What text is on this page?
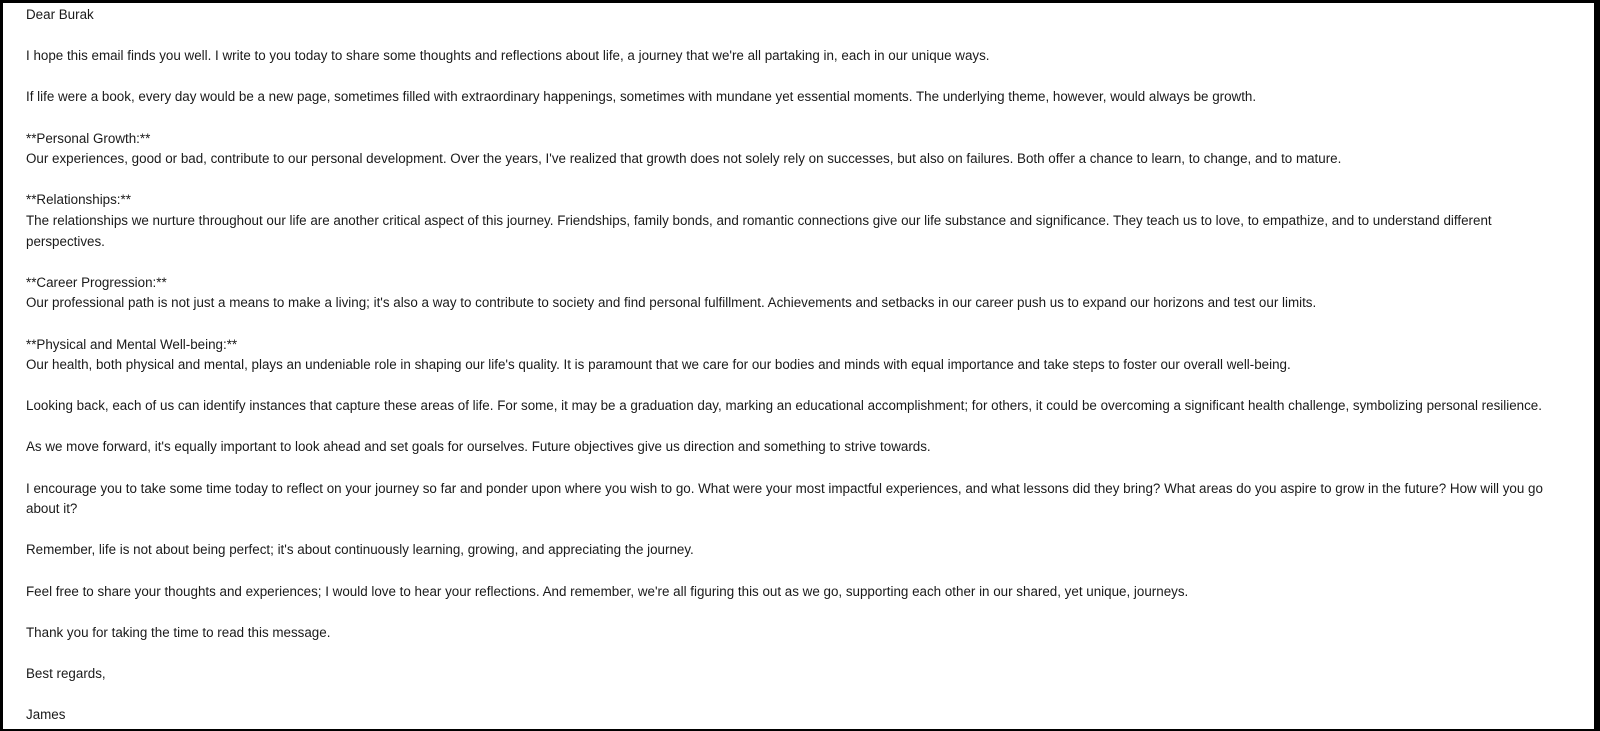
Dear Burak

I hope this email finds you well. I write to you today to share some thoughts and reflections about life, a journey that we're all partaking in, each in our unique ways.

If life were a book, every day would be a new page, sometimes filled with extraordinary happenings, sometimes with mundane yet essential moments. The underlying theme, however, would always be growth.

**Personal Growth:**

Our experiences, good or bad, contribute to our personal development. Over the years, I've realized that growth does not solely rely on successes, but also on failures. Both offer a chance to learn, to change, and to mature.

**Relationships:**

The relationships we nurture throughout our life are another critical aspect of this journey. Friendships, family bonds, and romantic connections give our life substance and significance. They teach us to love, to empathize, and to understand different perspectives.

**Career Progression:**

Our professional path is not just a means to make a living; it's also a way to contribute to society and find personal fulfillment. Achievements and setbacks in our career push us to expand our horizons and test our limits.

**Physical and Mental Well-being:**

Our health, both physical and mental, plays an undeniable role in shaping our life's quality. It is paramount that we care for our bodies and minds with equal importance and take steps to foster our overall well-being.

Looking back, each of us can identify instances that capture these areas of life. For some, it may be a graduation day, marking an educational accomplishment; for others, it could be overcoming a significant health challenge, symbolizing personal resilience.

As we move forward, it's equally important to look ahead and set goals for ourselves. Future objectives give us direction and something to strive towards.

I encourage you to take some time today to reflect on your journey so far and ponder upon where you wish to go. What were your most impactful experiences, and what lessons did they bring? What areas do you aspire to grow in the future? How will you go about it?

Remember, life is not about being perfect; it's about continuously learning, growing, and appreciating the journey.

Feel free to share your thoughts and experiences; I would love to hear your reflections. And remember, we're all figuring this out as we go, supporting each other in our shared, yet unique, journeys.

Thank you for taking the time to read this message.

Best regards,

James
